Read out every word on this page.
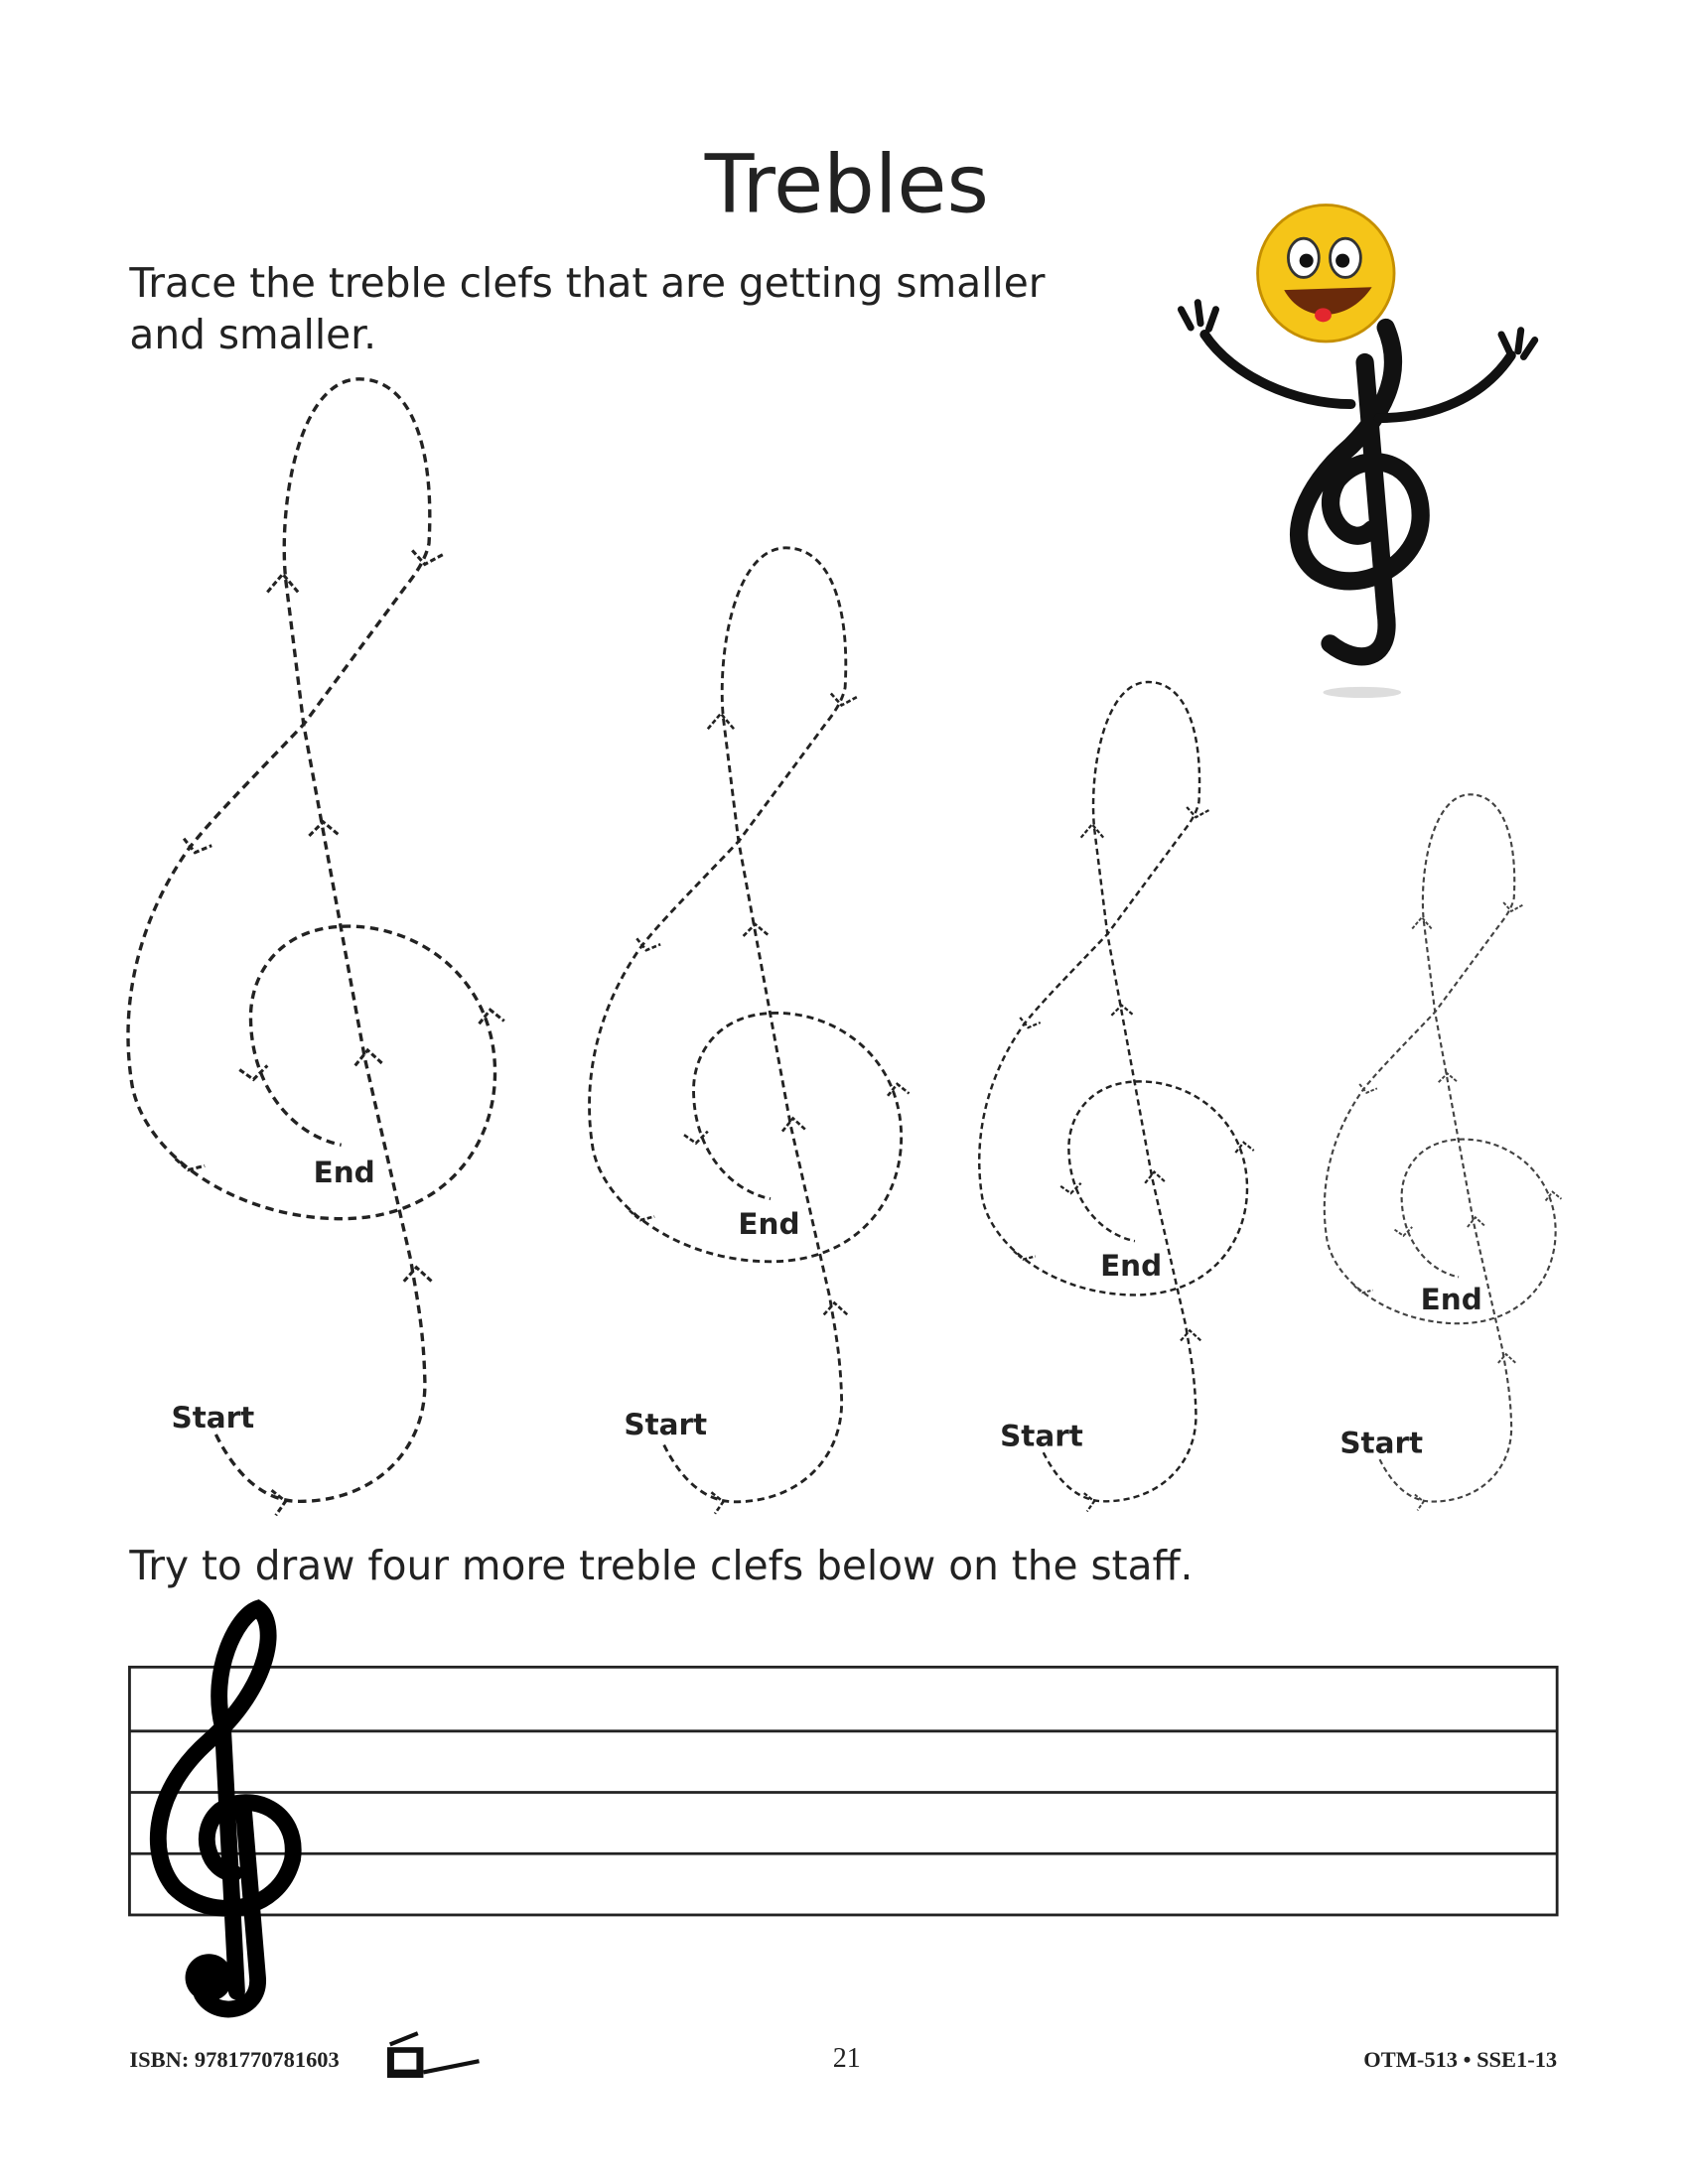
Trebles
Trace the treble clefs that are getting smaller
and smaller.
Start
End
Start
End
Start
End
Start
End
Try to draw four more treble clefs below on the staff.
ISBN: 9781770781603	21	OTM-513 • SSE1-13
